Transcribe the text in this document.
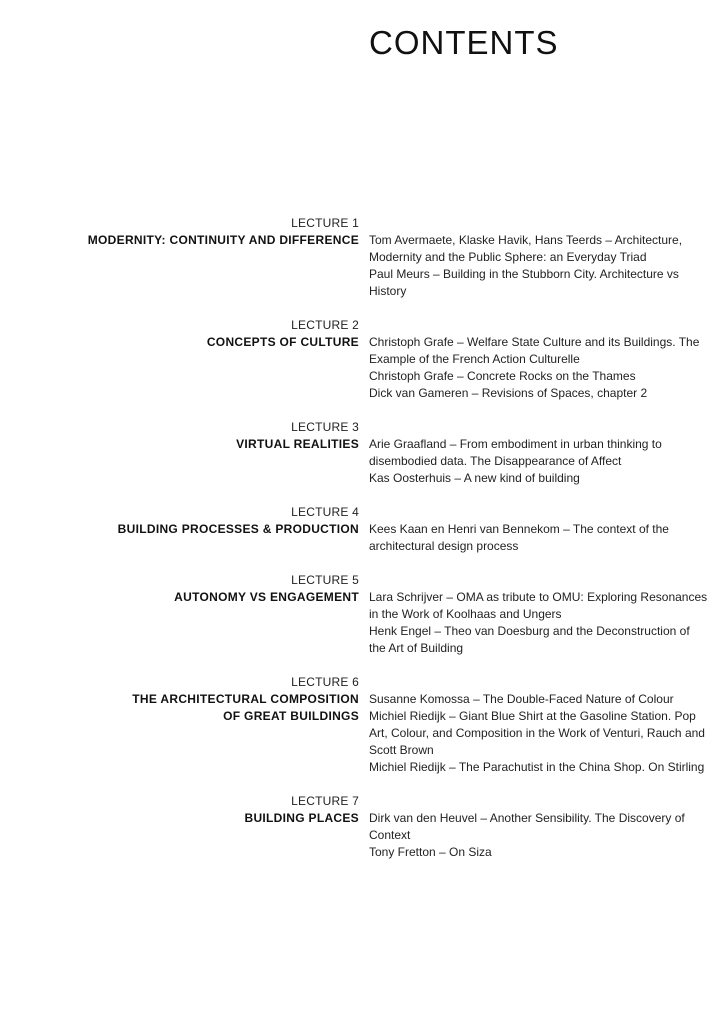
CONTENTS
LECTURE 1
MODERNITY: CONTINUITY AND DIFFERENCE Tom Avermaete, Klaske Havik, Hans Teerds – Architecture, Modernity and the Public Sphere: an Everyday Triad

Paul Meurs – Building in the Stubborn City. Architecture vs History

LECTURE 2
CONCEPTS OF CULTURE Christoph Grafe – Welfare State Culture and its Buildings. The Example of the French Action Culturelle

Christoph Grafe – Concrete Rocks on the Thames

Dick van Gameren – Revisions of Spaces, chapter 2

LECTURE 3
VIRTUAL REALITIES Arie Graafland – From embodiment in urban thinking to disembodied data. The Disappearance of Affect

Kas Oosterhuis – A new kind of building

LECTURE 4
BUILDING PROCESSES & PRODUCTION Kees Kaan en Henri van Bennekom – The context of the architectural design process

LECTURE 5
AUTONOMY VS ENGAGEMENT Lara Schrijver – OMA as tribute to OMU: Exploring Resonances in the Work of Koolhaas and Ungers

Henk Engel – Theo van Doesburg and the Deconstruction of the Art of Building

LECTURE 6
THE ARCHITECTURAL COMPOSITION
OF GREAT BUILDINGS

Susanne Komossa – The Double-Faced Nature of Colour

Michiel Riedijk – Giant Blue Shirt at the Gasoline Station. Pop Art, Colour, and Composition in the Work of Venturi, Rauch and Scott Brown

Michiel Riedijk – The Parachutist in the China Shop. On Stirling

LECTURE 7
BUILDING PLACES Dirk van den Heuvel – Another Sensibility. The Discovery of Context

Tony Fretton – On Siza
